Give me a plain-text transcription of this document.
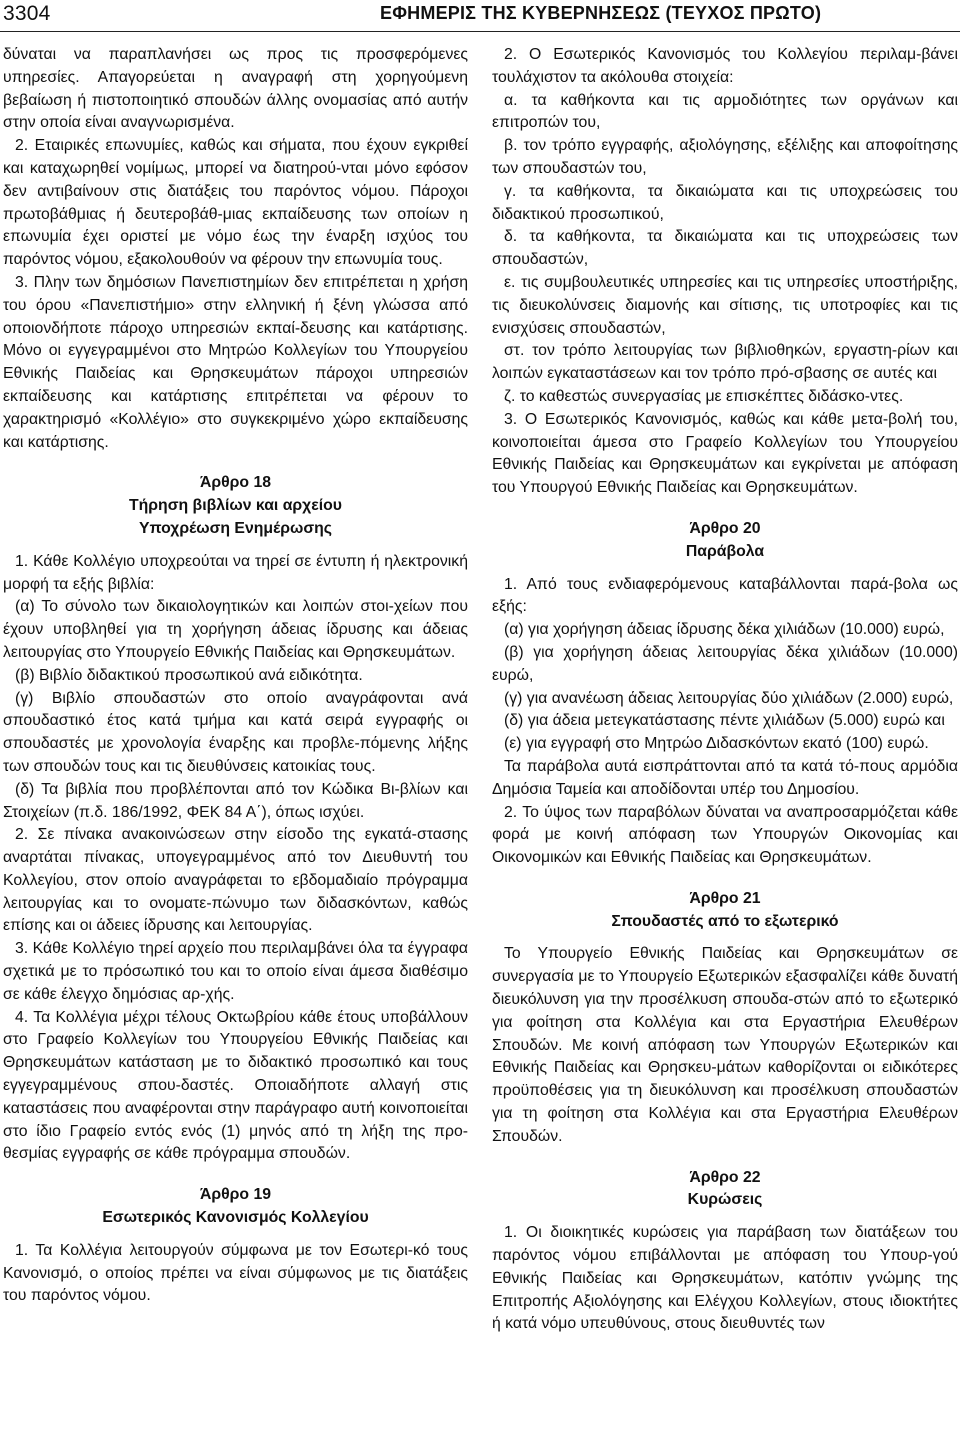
3304	ΕΦΗΜΕΡΙΣ ΤΗΣ ΚΥΒΕΡΝΗΣΕΩΣ (ΤΕΥΧΟΣ ΠΡΩΤΟ)

δύναται να παραπλανήσει ως προς τις προσφερόμενες υπηρεσίες. Απαγορεύεται η αναγραφή στη χορηγούμενη βεβαίωση ή πιστοποιητικό σπουδών άλλης ονομασίας από αυτήν στην οποία είναι αναγνωρισμένα.

2. Εταιρικές επωνυμίες, καθώς και σήματα, που έχουν εγκριθεί και καταχωρηθεί νομίμως, μπορεί να διατηρού-νται μόνο εφόσον δεν αντιβαίνουν στις διατάξεις του παρόντος νόμου. Πάροχοι πρωτοβάθμιας ή δευτεροβάθ-μιας εκπαίδευσης των οποίων η επωνυμία έχει οριστεί με νόμο έως την έναρξη ισχύος του παρόντος νόμου, εξακολουθούν να φέρουν την επωνυμία τους.

3. Πλην των δημόσιων Πανεπιστημίων δεν επιτρέπεται η χρήση του όρου «Πανεπιστήμιο» στην ελληνική ή ξένη γλώσσα από οποιονδήποτε πάροχο υπηρεσιών εκπαί-δευσης και κατάρτισης. Μόνο οι εγγεγραμμένοι στο Μητρώο Κολλεγίων του Υπουργείου Εθνικής Παιδείας και Θρησκευμάτων πάροχοι υπηρεσιών εκπαίδευσης και κατάρτισης επιτρέπεται να φέρουν το χαρακτηρισμό «Κολλέγιο» στο συγκεκριμένο χώρο εκπαίδευσης και κατάρτισης.

Άρθρο 18
Τήρηση βιβλίων και αρχείου
Υποχρέωση Ενημέρωσης

1. Κάθε Κολλέγιο υποχρεούται να τηρεί σε έντυπη ή ηλεκτρονική μορφή τα εξής βιβλία:

(α) Το σύνολο των δικαιολογητικών και λοιπών στοι-χείων που έχουν υποβληθεί για τη χορήγηση άδειας ίδρυσης και άδειας λειτουργίας στο Υπουργείο Εθνικής Παιδείας και Θρησκευμάτων.

(β) Βιβλίο διδακτικού προσωπικού ανά ειδικότητα.

(γ) Βιβλίο σπουδαστών στο οποίο αναγράφονται ανά σπουδαστικό έτος κατά τμήμα και κατά σειρά εγγραφής οι σπουδαστές με χρονολογία έναρξης και προβλε-πόμενης λήξης των σπουδών τους και τις διευθύνσεις κατοικίας τους.

(δ) Τα βιβλία που προβλέπονται από τον Κώδικα Βι-βλίων και Στοιχείων (π.δ. 186/1992, ΦΕΚ 84 Α΄), όπως ισχύει.

2. Σε πίνακα ανακοινώσεων στην είσοδο της εγκατά-στασης αναρτάται πίνακας, υπογεγραμμένος από τον Διευθυντή του Κολλεγίου, στον οποίο αναγράφεται το εβδομαδιαίο πρόγραμμα λειτουργίας και το ονοματε-πώνυμο των διδασκόντων, καθώς επίσης και οι άδειες ίδρυσης και λειτουργίας.

3. Κάθε Κολλέγιο τηρεί αρχείο που περιλαμβάνει όλα τα έγγραφα σχετικά με το πρόσωπικό του και το οποίο είναι άμεσα διαθέσιμο σε κάθε έλεγχο δημόσιας αρ-χής.

4. Τα Κολλέγια μέχρι τέλους Οκτωβρίου κάθε έτους υποβάλλουν στο Γραφείο Κολλεγίων του Υπουργείου Εθνικής Παιδείας και Θρησκευμάτων κατάσταση με το διδακτικό προσωπικό και τους εγγεγραμμένους σπου-δαστές. Οποιαδήποτε αλλαγή στις καταστάσεις που αναφέρονται στην παράγραφο αυτή κοινοποιείται στο ίδιο Γραφείο εντός ενός (1) μηνός από τη λήξη της προ-θεσμίας εγγραφής σε κάθε πρόγραμμα σπουδών.

Άρθρο 19
Εσωτερικός Κανονισμός Κολλεγίου

1. Τα Κολλέγια λειτουργούν σύμφωνα με τον Εσωτερι-κό τους Κανονισμό, ο οποίος πρέπει να είναι σύμφωνος με τις διατάξεις του παρόντος νόμου.

2. Ο Εσωτερικός Κανονισμός του Κολλεγίου περιλαμ-βάνει τουλάχιστον τα ακόλουθα στοιχεία:

α. τα καθήκοντα και τις αρμοδιότητες των οργάνων και επιτροπών του,

β. τον τρόπο εγγραφής, αξιολόγησης, εξέλιξης και αποφοίτησης των σπουδαστών του,

γ. τα καθήκοντα, τα δικαιώματα και τις υποχρεώσεις του διδακτικού προσωπικού,

δ. τα καθήκοντα, τα δικαιώματα και τις υποχρεώσεις των σπουδαστών,

ε. τις συμβουλευτικές υπηρεσίες και τις υπηρεσίες υποστήριξης, τις διευκολύνσεις διαμονής και σίτισης, τις υποτροφίες και τις ενισχύσεις σπουδαστών,

στ. τον τρόπο λειτουργίας των βιβλιοθηκών, εργαστη-ρίων και λοιπών εγκαταστάσεων και τον τρόπο πρό-σβασης σε αυτές και

ζ. το καθεστώς συνεργασίας με επισκέπτες διδάσκο-ντες.

3. Ο Εσωτερικός Κανονισμός, καθώς και κάθε μετα-βολή του, κοινοποιείται άμεσα στο Γραφείο Κολλεγίων του Υπουργείου Εθνικής Παιδείας και Θρησκευμάτων και εγκρίνεται με απόφαση του Υπουργού Εθνικής Παιδείας και Θρησκευμάτων.

Άρθρο 20
Παράβολα

1. Από τους ενδιαφερόμενους καταβάλλονται παρά-βολα ως εξής:

(α) για χορήγηση άδειας ίδρυσης δέκα χιλιάδων (10.000) ευρώ,

(β) για χορήγηση άδειας λειτουργίας δέκα χιλιάδων (10.000) ευρώ,

(γ) για ανανέωση άδειας λειτουργίας δύο χιλιάδων (2.000) ευρώ,

(δ) για άδεια μετεγκατάστασης πέντε χιλιάδων (5.000) ευρώ και

(ε) για εγγραφή στο Μητρώο Διδασκόντων εκατό (100) ευρώ.

Τα παράβολα αυτά εισπράττονται από τα κατά τό-πους αρμόδια Δημόσια Ταμεία και αποδίδονται υπέρ του Δημοσίου.

2. Το ύψος των παραβόλων δύναται να αναπροσαρμόζεται κάθε φορά με κοινή απόφαση των Υπουργών Οικονομίας και Οικονομικών και Εθνικής Παιδείας και Θρησκευμάτων.

Άρθρο 21
Σπουδαστές από το εξωτερικό

Το Υπουργείο Εθνικής Παιδείας και Θρησκευμάτων σε συνεργασία με το Υπουργείο Εξωτερικών εξασφαλίζει κάθε δυνατή διευκόλυνση για την προσέλκυση σπουδα-στών από το εξωτερικό για φοίτηση στα Κολλέγια και στα Εργαστήρια Ελευθέρων Σπουδών. Με κοινή απόφαση των Υπουργών Εξωτερικών και Εθνικής Παιδείας και Θρησκευ-μάτων καθορίζονται οι ειδικότερες προϋποθέσεις για τη διευκόλυνση και προσέλκυση σπουδαστών για τη φοίτηση στα Κολλέγια και στα Εργαστήρια Ελευθέρων Σπουδών.

Άρθρο 22
Κυρώσεις

1. Οι διοικητικές κυρώσεις για παράβαση των διατάξεων του παρόντος νόμου επιβάλλονται με απόφαση του Υπουρ-γού Εθνικής Παιδείας και Θρησκευμάτων, κατόπιν γνώμης της Επιτροπής Αξιολόγησης και Ελέγχου Κολλεγίων, στους ιδιοκτήτες ή κατά νόμο υπευθύνους, στους διευθυντές των
